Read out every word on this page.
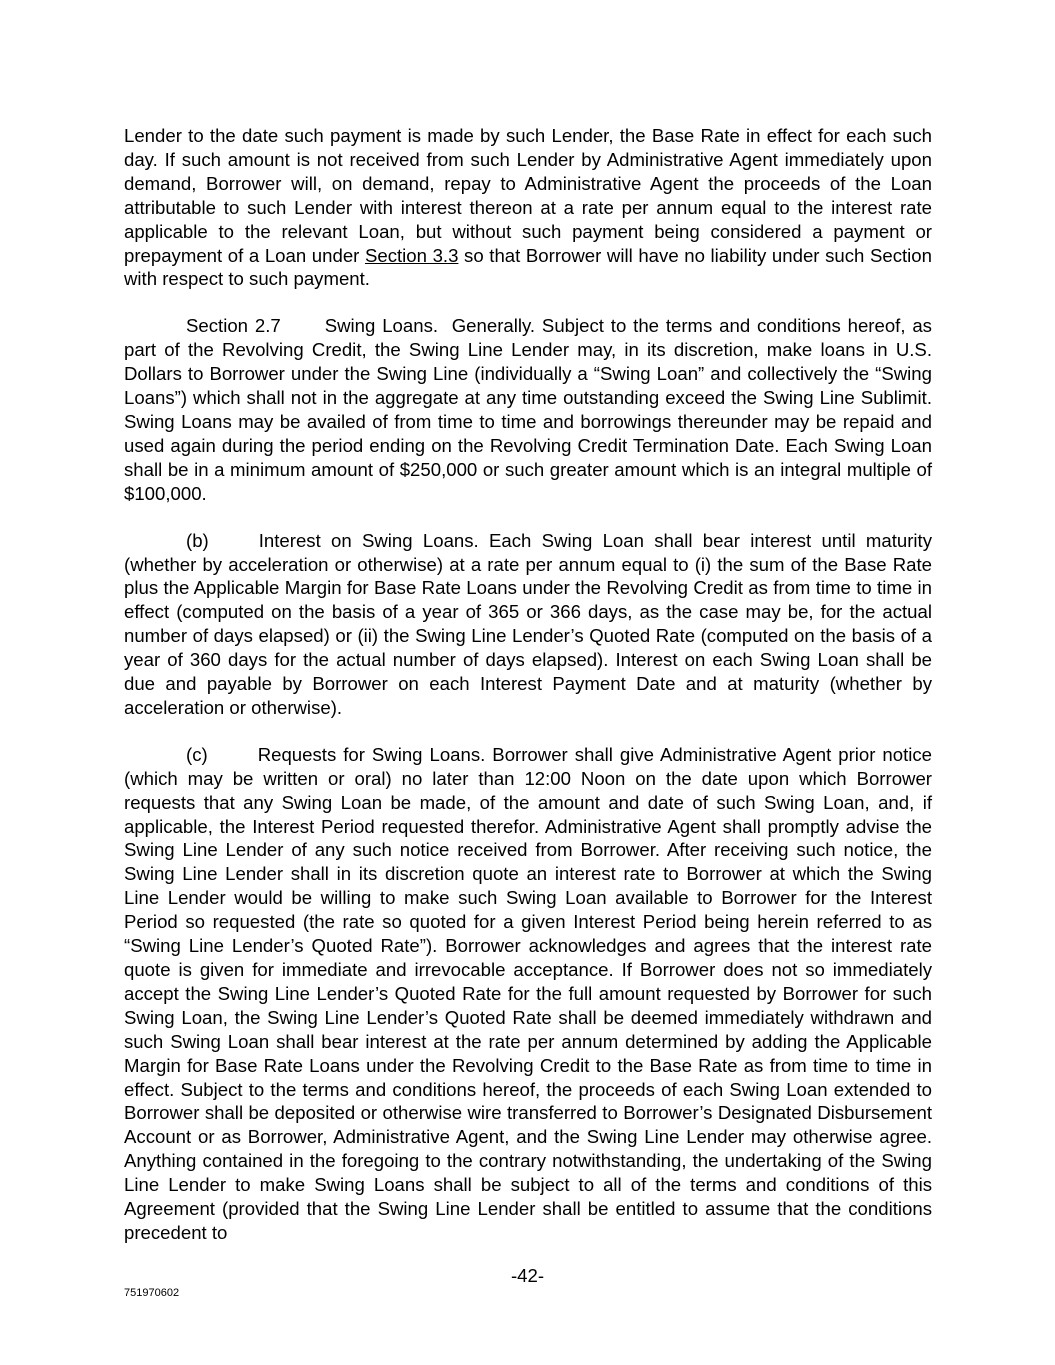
Lender to the date such payment is made by such Lender, the Base Rate in effect for each such day. If such amount is not received from such Lender by Administrative Agent immediately upon demand, Borrower will, on demand, repay to Administrative Agent the proceeds of the Loan attributable to such Lender with interest thereon at a rate per annum equal to the interest rate applicable to the relevant Loan, but without such payment being considered a payment or prepayment of a Loan under Section 3.3 so that Borrower will have no liability under such Section with respect to such payment.

Section 2.7 Swing Loans. Generally. Subject to the terms and conditions hereof, as part of the Revolving Credit, the Swing Line Lender may, in its discretion, make loans in U.S. Dollars to Borrower under the Swing Line (individually a “Swing Loan” and collectively the “Swing Loans”) which shall not in the aggregate at any time outstanding exceed the Swing Line Sublimit. Swing Loans may be availed of from time to time and borrowings thereunder may be repaid and used again during the period ending on the Revolving Credit Termination Date. Each Swing Loan shall be in a minimum amount of $250,000 or such greater amount which is an integral multiple of $100,000.

(b)	Interest on Swing Loans. Each Swing Loan shall bear interest until maturity (whether by acceleration or otherwise) at a rate per annum equal to (i) the sum of the Base Rate plus the Applicable Margin for Base Rate Loans under the Revolving Credit as from time to time in effect (computed on the basis of a year of 365 or 366 days, as the case may be, for the actual number of days elapsed) or (ii) the Swing Line Lender’s Quoted Rate (computed on the basis of a year of 360 days for the actual number of days elapsed). Interest on each Swing Loan shall be due and payable by Borrower on each Interest Payment Date and at maturity (whether by acceleration or otherwise).

(c)	Requests for Swing Loans. Borrower shall give Administrative Agent prior notice (which may be written or oral) no later than 12:00 Noon on the date upon which Borrower requests that any Swing Loan be made, of the amount and date of such Swing Loan, and, if applicable, the Interest Period requested therefor. Administrative Agent shall promptly advise the Swing Line Lender of any such notice received from Borrower. After receiving such notice, the Swing Line Lender shall in its discretion quote an interest rate to Borrower at which the Swing Line Lender would be willing to make such Swing Loan available to Borrower for the Interest Period so requested (the rate so quoted for a given Interest Period being herein referred to as “Swing Line Lender’s Quoted Rate”). Borrower acknowledges and agrees that the interest rate quote is given for immediate and irrevocable acceptance. If Borrower does not so immediately accept the Swing Line Lender’s Quoted Rate for the full amount requested by Borrower for such Swing Loan, the Swing Line Lender’s Quoted Rate shall be deemed immediately withdrawn and such Swing Loan shall bear interest at the rate per annum determined by adding the Applicable Margin for Base Rate Loans under the Revolving Credit to the Base Rate as from time to time in effect. Subject to the terms and conditions hereof, the proceeds of each Swing Loan extended to Borrower shall be deposited or otherwise wire transferred to Borrower’s Designated Disbursement Account or as Borrower, Administrative Agent, and the Swing Line Lender may otherwise agree. Anything contained in the foregoing to the contrary notwithstanding, the undertaking of the Swing Line Lender to make Swing Loans shall be subject to all of the terms and conditions of this Agreement (provided that the Swing Line Lender shall be entitled to assume that the conditions precedent to

-42-
751970602
